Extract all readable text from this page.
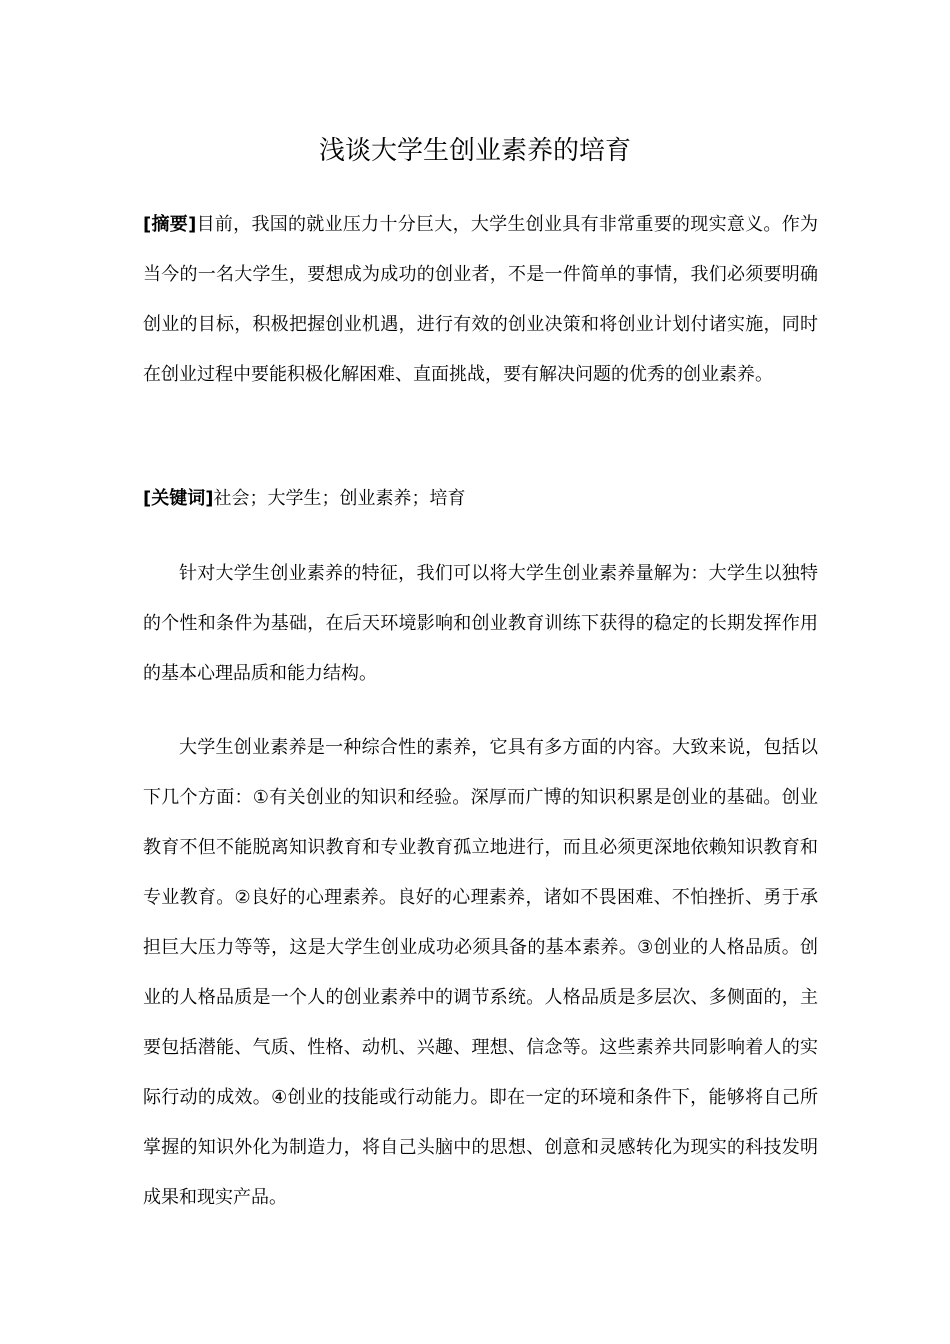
浅谈大学生创业素养的培育

[摘要]目前，我国的就业压力十分巨大，大学生创业具有非常重要的现实意义。作为当今的一名大学生，要想成为成功的创业者，不是一件简单的事情，我们必须要明确创业的目标，积极把握创业机遇，进行有效的创业决策和将创业计划付诸实施，同时在创业过程中要能积极化解困难、直面挑战，要有解决问题的优秀的创业素养。

[关键词]社会；大学生；创业素养；培育

针对大学生创业素养的特征，我们可以将大学生创业素养量解为：大学生以独特的个性和条件为基础，在后天环境影响和创业教育训练下获得的稳定的长期发挥作用的基本心理品质和能力结构。

大学生创业素养是一种综合性的素养，它具有多方面的内容。大致来说，包括以下几个方面：①有关创业的知识和经验。深厚而广博的知识积累是创业的基础。创业教育不但不能脱离知识教育和专业教育孤立地进行，而且必须更深地依赖知识教育和专业教育。②良好的心理素养。良好的心理素养，诸如不畏困难、不怕挫折、勇于承担巨大压力等等，这是大学生创业成功必须具备的基本素养。③创业的人格品质。创业的人格品质是一个人的创业素养中的调节系统。人格品质是多层次、多侧面的，主要包括潜能、气质、性格、动机、兴趣、理想、信念等。这些素养共同影响着人的实际行动的成效。④创业的技能或行动能力。即在一定的环境和条件下，能够将自己所掌握的知识外化为制造力，将自己头脑中的思想、创意和灵感转化为现实的科技发明成果和现实产品。
